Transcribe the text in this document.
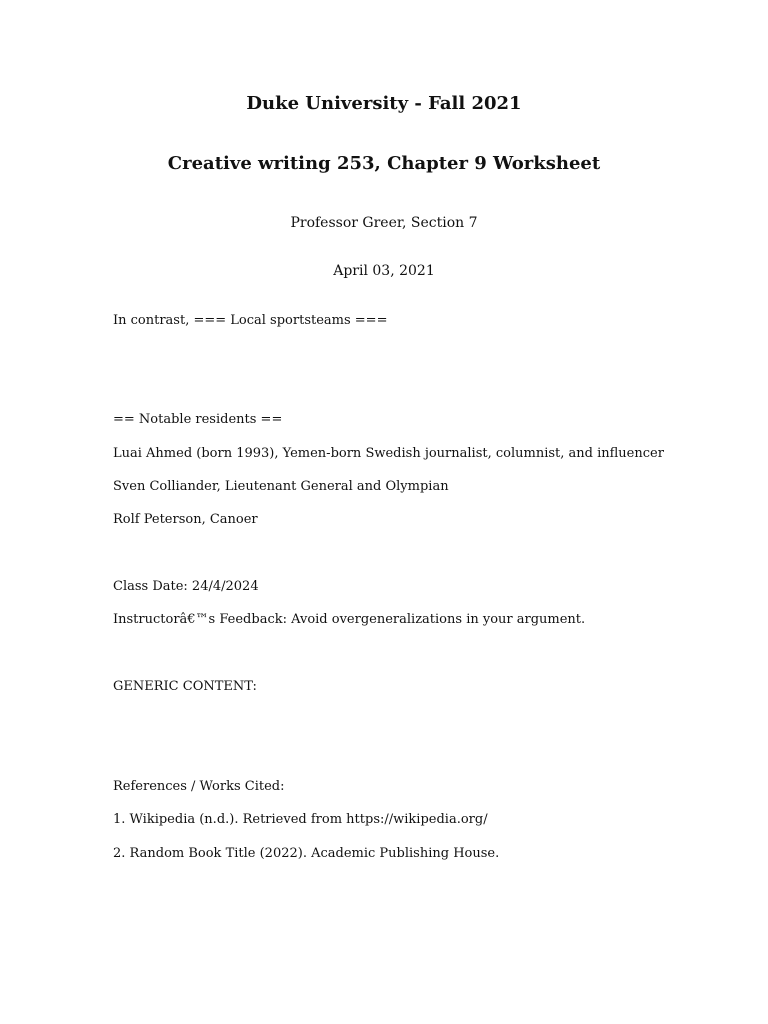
Duke University - Fall 2021
Creative writing 253, Chapter 9 Worksheet
Professor Greer, Section 7
April 03, 2021
In contrast, === Local sportsteams ===
== Notable residents ==
Luai Ahmed (born 1993), Yemen-born Swedish journalist, columnist, and influencer
Sven Colliander, Lieutenant General and Olympian
Rolf Peterson, Canoer
Class Date: 24/4/2024
Instructorâ€™s Feedback: Avoid overgeneralizations in your argument.
GENERIC CONTENT:
References / Works Cited:
1. Wikipedia (n.d.). Retrieved from https://wikipedia.org/
2. Random Book Title (2022). Academic Publishing House.
